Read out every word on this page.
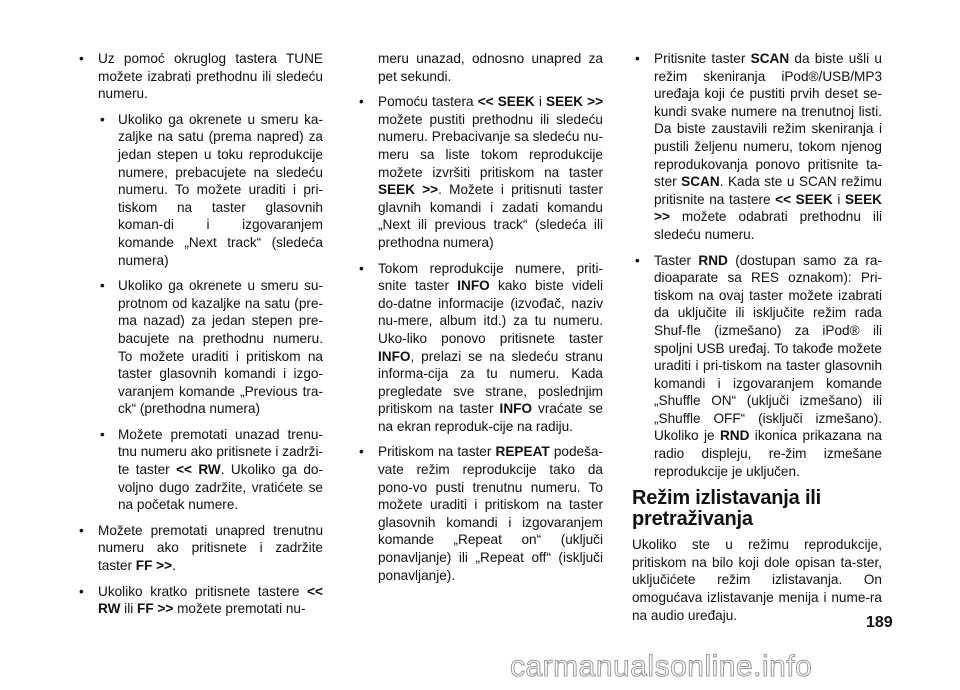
• Uz pomoć okruglog tastera TUNE možete izabrati prethodnu ili sledeću numeru.

• Ukoliko ga okrenete u smeru ka-zaljke na satu (prema napred) za jedan stepen u toku reprodukcije numere, prebacujete na sledeću numeru. To možete uraditi i pri-tiskom na taster glasovnih koman-di i izgovaranjem komande „Next track“ (sledeća numera)

• Ukoliko ga okrenete u smeru su-protnom od kazaljke na satu (pre-ma nazad) za jedan stepen pre-bacujete na prethodnu numeru. To možete uraditi i pritiskom na taster glasovnih komandi i izgo-varanjem komande „Previous tra-ck“ (prethodna numera)

• Možete premotati unazad trenu-tnu numeru ako pritisnete i zadrži-te taster << RW. Ukoliko ga do-voljno dugo zadržite, vratićete se na početak numere.

• Možete premotati unapred trenutnu numeru ako pritisnete i zadržite taster FF >>.

• Ukoliko kratko pritisnete tastere << RW ili FF >> možete premotati nu-

meru unazad, odnosno unapred za pet sekundi.

• Pomoću tastera << SEEK i SEEK >> možete pustiti prethodnu ili sledeću numeru. Prebacivanje sa sledeću nu-meru sa liste tokom reprodukcije možete izvršiti pritiskom na taster SEEK >>. Možete i pritisnuti taster glavnih komandi i zadati komandu „Next ili previous track“ (sledeća ili prethodna numera)

• Tokom reprodukcije numere, priti-snite taster INFO kako biste videli do-datne informacije (izvođač, naziv nu-mere, album itd.) za tu numeru. Uko-liko ponovo pritisnete taster INFO, prelazi se na sledeću stranu informa-cija za tu numeru. Kada pregledate sve strane, poslednjim pritiskom na taster INFO vraćate se na ekran reproduk-cije na radiju.

• Pritiskom na taster REPEAT podeša-vate režim reprodukcije tako da pono-vo pusti trenutnu numeru. To možete uraditi i pritiskom na taster glasovnih komandi i izgovaranjem komande „Repeat on“ (uključi ponavljanje) ili „Repeat off“ (isključi ponavljanje).

• Pritisnite taster SCAN da biste ušli u režim skeniranja iPod®/USB/MP3 uređaja koji će pustiti prvih deset se-kundi svake numere na trenutnoj listi. Da biste zaustavili režim skeniranja i pustili željenu numeru, tokom njenog reprodukovanja ponovo pritisnite ta-ster SCAN. Kada ste u SCAN režimu pritisnite na tastere << SEEK i SEEK >> možete odabrati prethodnu ili sledeću numeru.

• Taster RND (dostupan samo za ra-dioaparate sa RES oznakom): Pri-tiskom na ovaj taster možete izabrati da uključite ili isključite režim rada Shuf-fle (izmešano) za iPod® ili spoljni USB uređaj. To takođe možete uraditi i pri-tiskom na taster glasovnih komandi i izgovaranjem komande „Shuffle ON“ (uključi izmešano) ili „Shuffle OFF“ (isključi izmešano). Ukoliko je RND ikonica prikazana na radio displeju, re-žim izmešane reprodukcije je uključen.

Režim izlistavanja ili pretraživanja

Ukoliko ste u režimu reprodukcije, pritiskom na bilo koji dole opisan ta-ster, uključićete režim izlistavanja. On omogućava izlistavanje menija i nume-ra na audio uređaju.	189
carmanualsonline.info
